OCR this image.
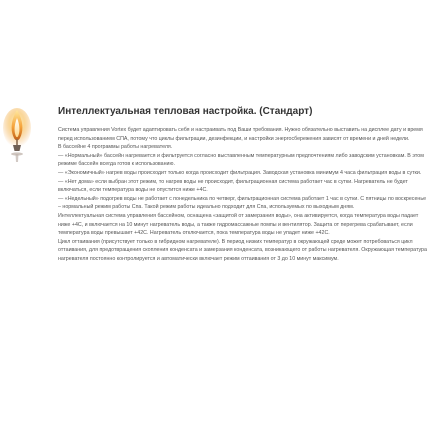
Интеллектуальная тепловая настройка. (Стандарт)

Система управления Vortex будет адаптировать себя и настраивать под Ваши требования. Нужно обязательно выставить на дисплее дату и время перед использованием СПА, потому что циклы фильтрации, дезинфекции, и настройки энергосбережения зависят от времени и дней недели.

В бассейне 4 программы работы нагревателя.

— «Нормальный» бассейн нагревается и фильтруется согласно выставленным температурным предпочтениям либо заводским установкам. В этом режиме бассейн всегда готов к использованию.

— «Экономичный» нагрев воды происходит только когда происходит фильтрация. Заводская установка минимум 4 часа фильтрация воды в сутки.

— «Нет дома» если выбран этот режим, то нагрев воды не происходит, фильтрационная система работает час в сутки. Нагреватель не будет включаться, если температура воды не опустится ниже +4С.

— «Недельный» подогрев воды не работает с понедельника по четверг, фильтрационная система работает 1 час в сутки. С пятницы по воскресенье – нормальный режим работы Спа. Такой режим работы идеально подходит для Спа, используемых по выходным дням.

Интеллектуальная система управления бассейном, оснащена «защитой от замерзания воды», она активируется, когда температура воды падает ниже +4С, и включается на 10 минут нагреватель воды, а также гидромассажные помпы и вентилятор. Защита от перегрева срабатывает, если температура воды превышает +42С. Нагреватель отключается, пока температура воды не упадет ниже +42С.

Цикл оттаивания (присутствует только в гибридном нагревателе). В период низких температур в окружающей среде может потребоваться цикл оттаивания, для предотвращения скопления конденсата и замерзания конденсата, возникающего от работы нагревателя. Окружающая температура нагревателя постоянно контролируется и автоматически включает режим оттаивания от 3 до 10 минут максимум.
